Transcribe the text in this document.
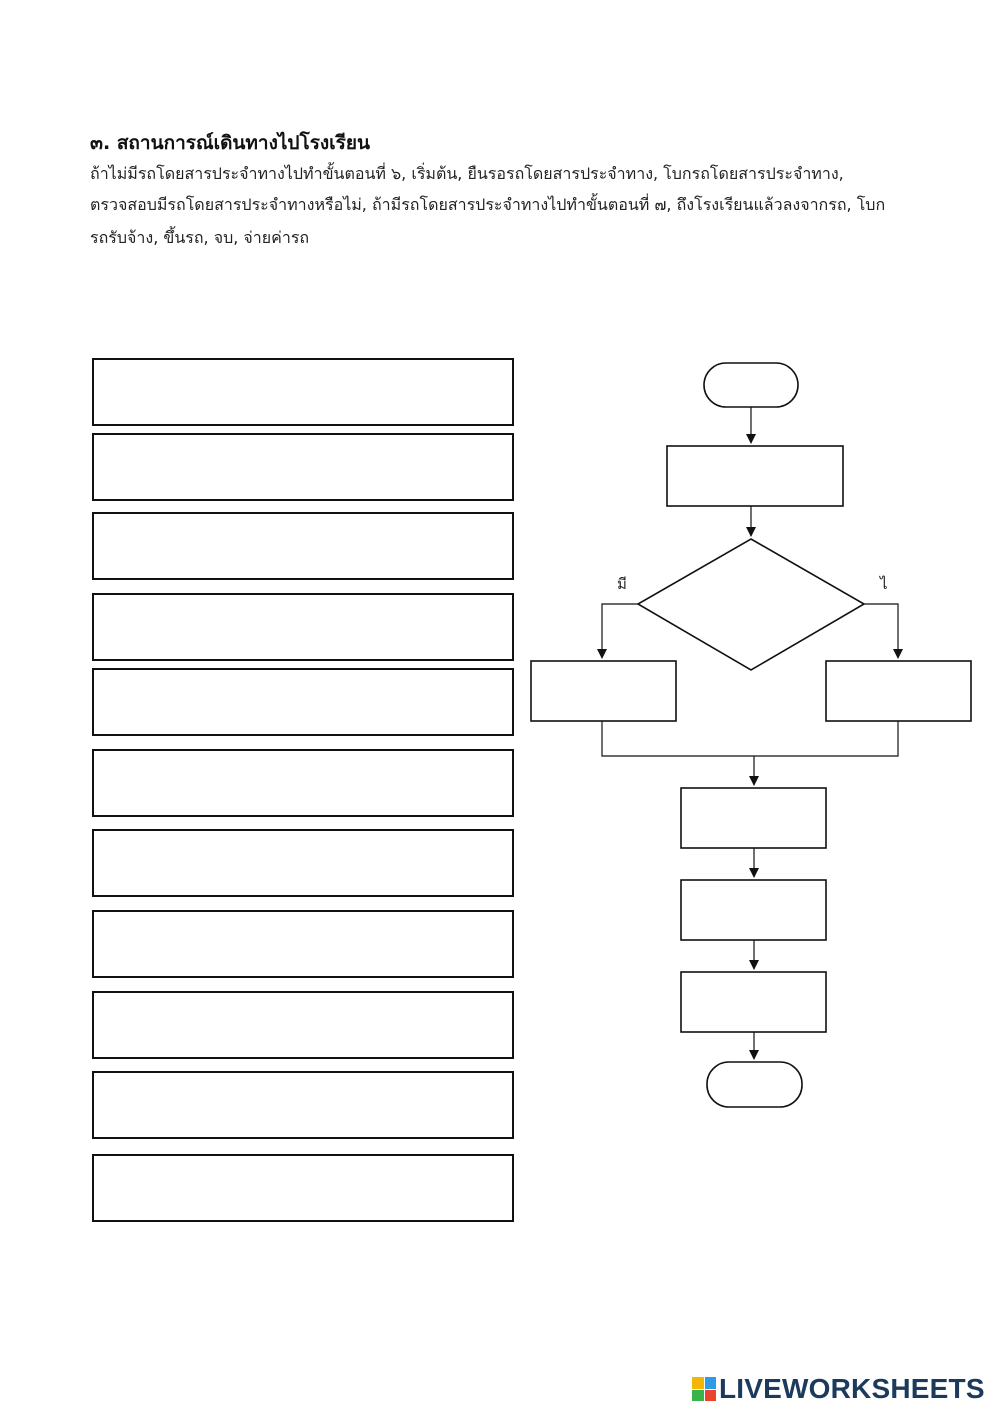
๓. สถานการณ์เดินทางไปโรงเรียน
ถ้าไม่มีรถโดยสารประจำทางไปทำขั้นตอนที่ ๖, เริ่มต้น, ยืนรอรถโดยสารประจำทาง, โบกรถโดยสารประจำทาง,
ตรวจสอบมีรถโดยสารประจำทางหรือไม่, ถ้ามีรถโดยสารประจำทางไปทำขั้นตอนที่ ๗, ถึงโรงเรียนแล้วลงจากรถ, โบก
รถรับจ้าง, ขึ้นรถ, จบ, จ่ายค่ารถ
มี	ไ
LIVEWORKSHEETS
